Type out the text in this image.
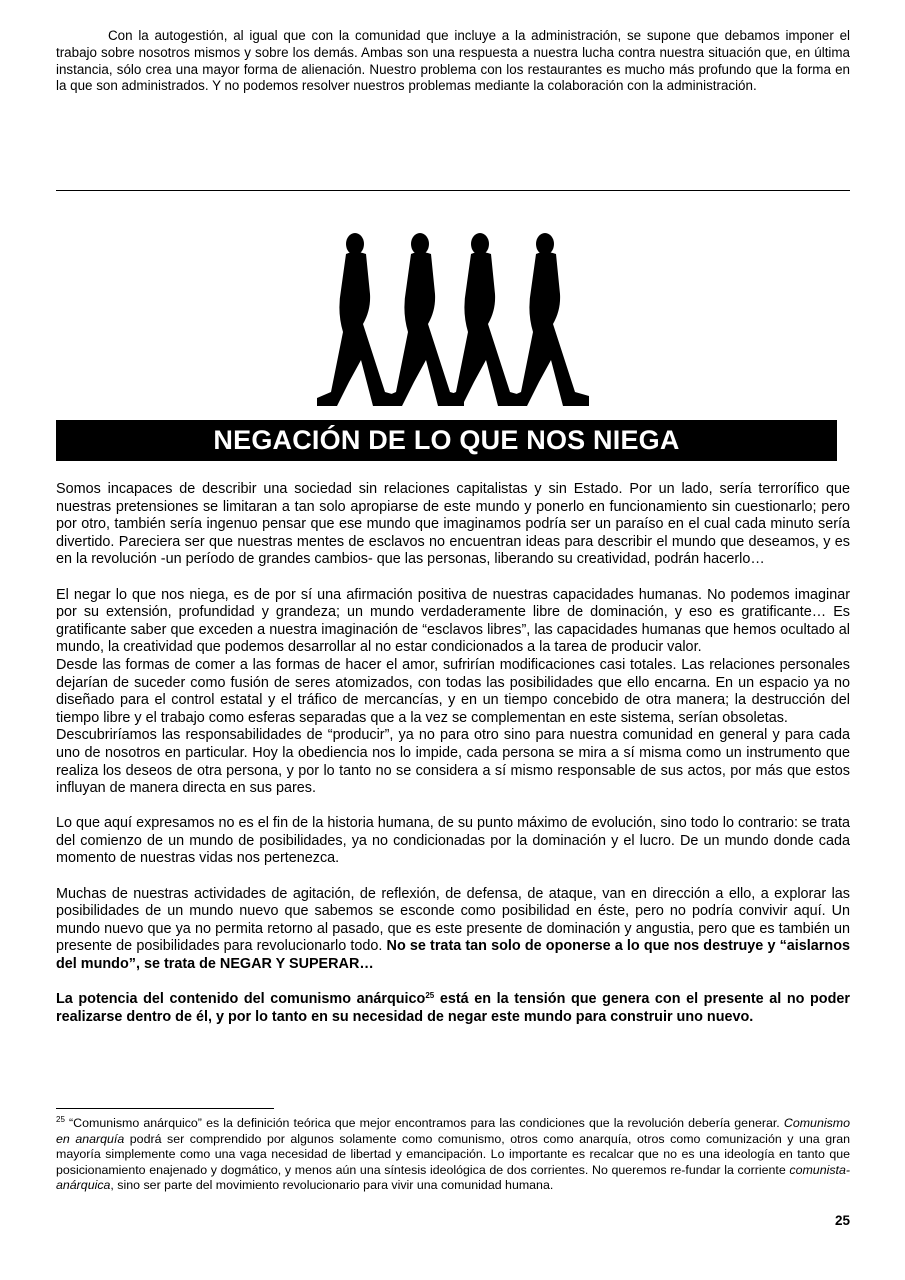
Con la autogestión, al igual que con la comunidad que incluye a la administración, se supone que debamos imponer el trabajo sobre nosotros mismos y sobre los demás. Ambas son una respuesta a nuestra lucha contra nuestra situación que, en última instancia, sólo crea una mayor forma de alienación. Nuestro problema con los restaurantes es mucho más profundo que la forma en la que son administrados. Y no podemos resolver nuestros problemas mediante la colaboración con la administración.

NEGACIÓN DE LO QUE NOS NIEGA

Somos incapaces de describir una sociedad sin relaciones capitalistas y sin Estado. Por un lado, sería terrorífico que nuestras pretensiones se limitaran a tan solo apropiarse de este mundo y ponerlo en funcionamiento sin cuestionarlo; pero por otro, también sería ingenuo pensar que ese mundo que imaginamos podría ser un paraíso en el cual cada minuto sería divertido. Pareciera ser que nuestras mentes de esclavos no encuentran ideas para describir el mundo que deseamos, y es en la revolución -un período de grandes cambios- que las personas, liberando su creatividad, podrán hacerlo…

El negar lo que nos niega, es de por sí una afirmación positiva de nuestras capacidades humanas. No podemos imaginar por su extensión, profundidad y grandeza; un mundo verdaderamente libre de dominación, y eso es gratificante… Es gratificante saber que exceden a nuestra imaginación de “esclavos libres”, las capacidades humanas que hemos ocultado al mundo, la creatividad que podemos desarrollar al no estar condicionados a la tarea de producir valor.

Desde las formas de comer a las formas de hacer el amor, sufrirían modificaciones casi totales. Las relaciones personales dejarían de suceder como fusión de seres atomizados, con todas las posibilidades que ello encarna. En un espacio ya no diseñado para el control estatal y el tráfico de mercancías, y en un tiempo concebido de otra manera; la destrucción del tiempo libre y el trabajo como esferas separadas que a la vez se complementan en este sistema, serían obsoletas.

Descubriríamos las responsabilidades de “producir”, ya no para otro sino para nuestra comunidad en general y para cada uno de nosotros en particular. Hoy la obediencia nos lo impide, cada persona se mira a sí misma como un instrumento que realiza los deseos de otra persona, y por lo tanto no se considera a sí mismo responsable de sus actos, por más que estos influyan de manera directa en sus pares.

Lo que aquí expresamos no es el fin de la historia humana, de su punto máximo de evolución, sino todo lo contrario: se trata del comienzo de un mundo de posibilidades, ya no condicionadas por la dominación y el lucro. De un mundo donde cada momento de nuestras vidas nos pertenezca.

Muchas de nuestras actividades de agitación, de reflexión, de defensa, de ataque, van en dirección a ello, a explorar las posibilidades de un mundo nuevo que sabemos se esconde como posibilidad en éste, pero no podría convivir aquí. Un mundo nuevo que ya no permita retorno al pasado, que es este presente de dominación y angustia, pero que es también un presente de posibilidades para revolucionarlo todo. No se trata tan solo de oponerse a lo que nos destruye y “aislarnos del mundo”, se trata de NEGAR Y SUPERAR…

La potencia del contenido del comunismo anárquico$^{25}$ está en la tensión que genera con el presente al no poder realizarse dentro de él, y por lo tanto en su necesidad de negar este mundo para construir uno nuevo.

$^{25}$ “Comunismo anárquico” es la definición teórica que mejor encontramos para las condiciones que la revolución debería generar. Comunismo en anarquía podrá ser comprendido por algunos solamente como comunismo, otros como anarquía, otros como comunización y una gran mayoría simplemente como una vaga necesidad de libertad y emancipación. Lo importante es recalcar que no es una ideología en tanto que posicionamiento enajenado y dogmático, y menos aún una síntesis ideológica de dos corrientes. No queremos re-fundar la corriente comunista-anárquica, sino ser parte del movimiento revolucionario para vivir una comunidad humana.

25
